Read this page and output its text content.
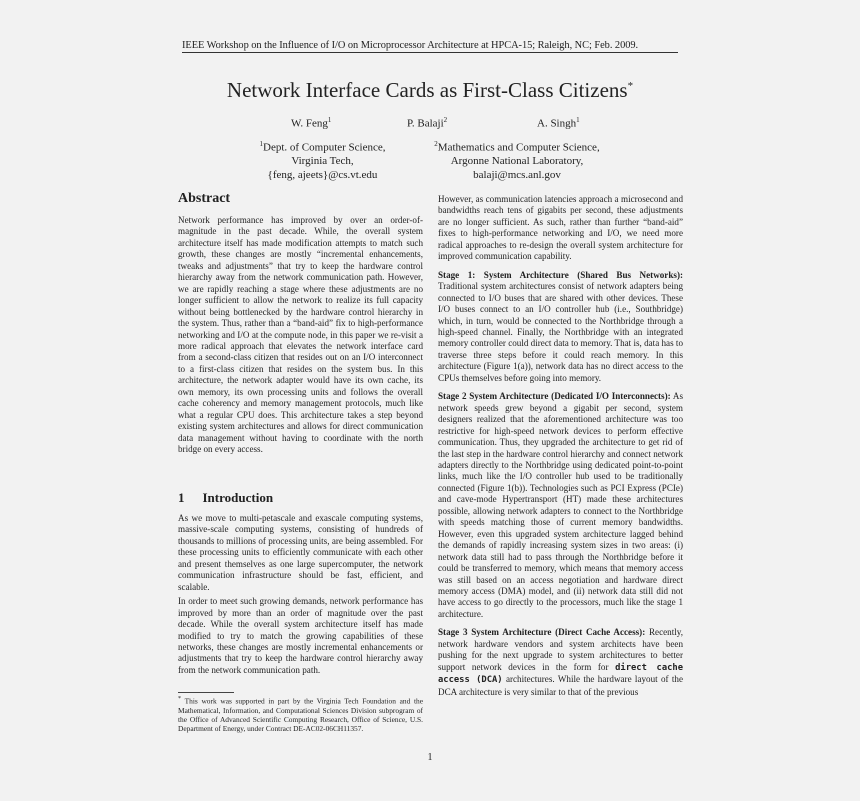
IEEE Workshop on the Influence of I/O on Microprocessor Architecture at HPCA-15; Raleigh, NC; Feb. 2009.
Network Interface Cards as First-Class Citizens*
W. Feng$^1$	P. Balaji$^2$	A. Singh$^1$
$^1$Dept. of Computer Science,
Virginia Tech,
{feng, ajeets}@cs.vt.edu
$^2$Mathematics and Computer Science,
Argonne National Laboratory,
balaji@mcs.anl.gov
Abstract

Network performance has improved by over an order-of-magnitude in the past decade. While, the overall system architecture itself has made modification attempts to match such growth, these changes are mostly “incremental enhancements, tweaks and adjustments” that try to keep the hardware control hierarchy away from the network communication path. However, we are rapidly reaching a stage where these adjustments are no longer sufficient to allow the network to realize its full capacity without being bottlenecked by the hardware control hierarchy in the system. Thus, rather than a “band-aid” fix to high-performance networking and I/O at the compute node, in this paper we re-visit a more radical approach that elevates the network interface card from a second-class citizen that resides out on an I/O interconnect to a first-class citizen that resides on the system bus. In this architecture, the network adapter would have its own cache, its own memory, its own processing units and follows the overall cache coherency and memory management protocols, much like what a regular CPU does. This architecture takes a step beyond existing system architectures and allows for direct communication data management without having to coordinate with the north bridge on every access.

1 Introduction

As we move to multi-petascale and exascale computing systems, massive-scale computing systems, consisting of hundreds of thousands to millions of processing units, are being assembled. For these processing units to efficiently communicate with each other and present themselves as one large supercomputer, the network communication infrastructure should be fast, efficient, and scalable.

In order to meet such growing demands, network performance has improved by more than an order of magnitude over the past decade. While the overall system architecture itself has made modified to try to match the growing capabilities of these networks, these changes are mostly incremental enhancements or adjustments that try to keep the hardware control hierarchy away from the network communication path.

* This work was supported in part by the Virginia Tech Foundation and the Mathematical, Information, and Computational Sciences Division subprogram of the Office of Advanced Scientific Computing Research, Office of Science, U.S. Department of Energy, under Contract DE-AC02-06CH11357.

However, as communication latencies approach a microsecond and bandwidths reach tens of gigabits per second, these adjustments are no longer sufficient. As such, rather than further “band-aid” fixes to high-performance networking and I/O, we need more radical approaches to re-design the overall system architecture for improved communication capability.

Stage 1: System Architecture (Shared Bus Networks): Traditional system architectures consist of network adapters being connected to I/O buses that are shared with other devices. These I/O buses connect to an I/O controller hub (i.e., Southbridge) which, in turn, would be connected to the Northbridge through a high-speed channel. Finally, the Northbridge with an integrated memory controller could direct data to memory. That is, data has to traverse three steps before it could reach memory. In this architecture (Figure 1(a)), network data has no direct access to the CPUs themselves before going into memory.

Stage 2 System Architecture (Dedicated I/O Interconnects): As network speeds grew beyond a gigabit per second, system designers realized that the aforementioned architecture was too restrictive for high-speed network devices to perform effective communication. Thus, they upgraded the architecture to get rid of the last step in the hardware control hierarchy and connect network adapters directly to the Northbridge using dedicated point-to-point links, much like the I/O controller hub used to be traditionally connected (Figure 1(b)). Technologies such as PCI Express (PCIe) and cave-mode Hypertransport (HT) made these architectures possible, allowing network adapters to connect to the Northbridge with speeds matching those of current memory bandwidths. However, even this upgraded system architecture lagged behind the demands of rapidly increasing system sizes in two areas: (i) network data still had to pass through the Northbridge before it could be transferred to memory, which means that memory access was still based on an access negotiation and hardware direct memory access (DMA) model, and (ii) network data still did not have access to go directly to the processors, much like the stage 1 architecture.

Stage 3 System Architecture (Direct Cache Access): Recently, network hardware vendors and system architects have been pushing for the next upgrade to system architectures to better support network devices in the form for direct cache access (DCA) architectures. While the hardware layout of the DCA architecture is very similar to that of the previous

1
